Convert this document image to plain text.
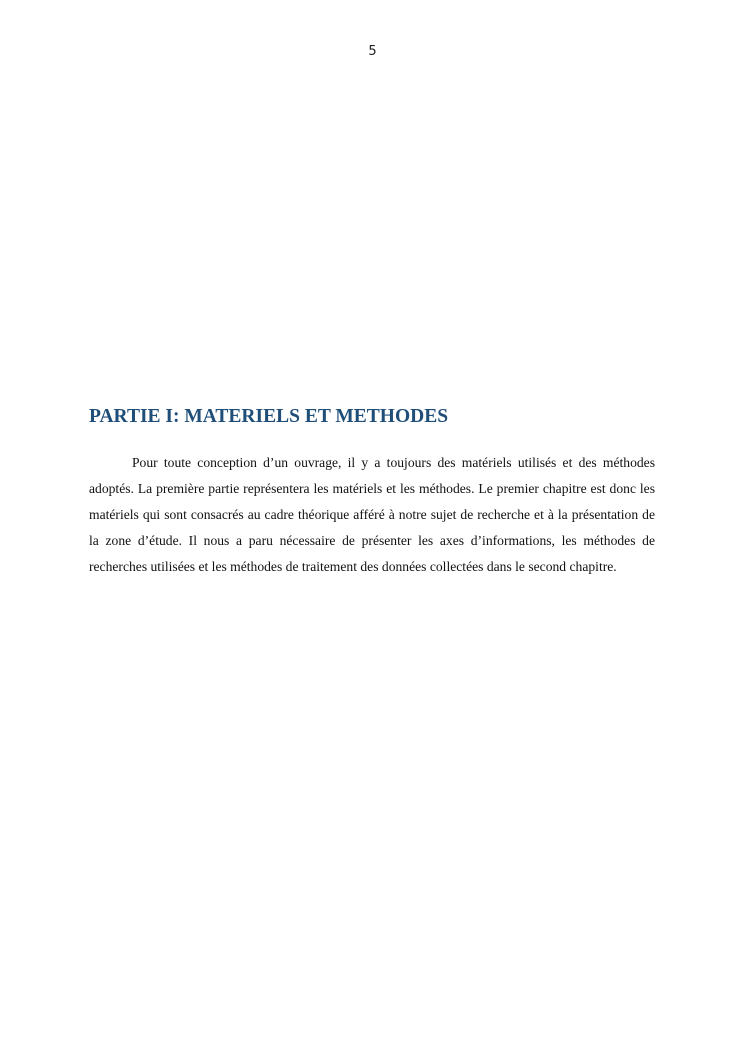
5
PARTIE I: MATERIELS ET METHODES

Pour toute conception d’un ouvrage, il y a toujours des matériels utilisés et des méthodes adoptés. La première partie représentera les matériels et les méthodes. Le premier chapitre est donc les matériels qui sont consacrés au cadre théorique afféré à notre sujet de recherche et à la présentation de la zone d’étude. Il nous a paru nécessaire de présenter les axes d’informations, les méthodes de recherches utilisées et les méthodes de traitement des données collectées dans le second chapitre.
